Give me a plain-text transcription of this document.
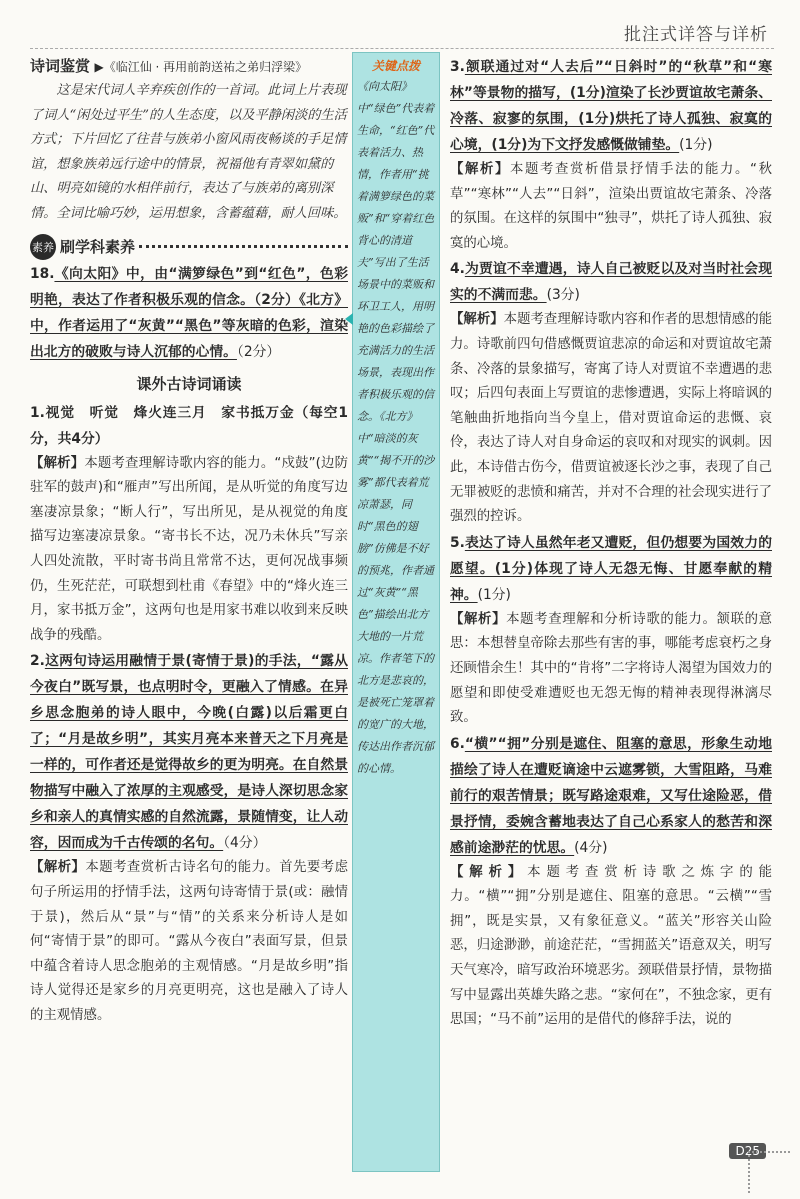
批注式详答与详析

诗词鉴赏 ▶《临江仙 · 再用前韵送祐之弟归浮梁》

这是宋代词人辛弃疾创作的一首词。此词上片表现了词人“闲处过平生”的人生态度，以及平静闲淡的生活方式；下片回忆了往昔与族弟小窗风雨夜畅谈的手足情谊，想象族弟远行途中的情景，祝福他有青翠如黛的山、明亮如镜的水相伴前行，表达了与族弟的离别深情。全词比喻巧妙，运用想象，含蓄蕴藉，耐人回味。

素养 刷学科素养

18.《向太阳》中，由“满箩绿色”到“红色”，色彩明艳，表达了作者积极乐观的信念。（2分）《北方》中，作者运用了“灰黄”“黑色”等灰暗的色彩，渲染出北方的破败与诗人沉郁的心情。（2分）

课外古诗词诵读

1.视觉　听觉　烽火连三月　家书抵万金（每空1分，共4分）

【解析】本题考查理解诗歌内容的能力。“戍鼓”(边防驻军的鼓声)和“雁声”写出所闻，是从听觉的角度写边塞凄凉景象；“断人行”，写出所见，是从视觉的角度描写边塞凄凉景象。“寄书长不达，况乃未休兵”写亲人四处流散，平时寄书尚且常常不达，更何况战事频仍，生死茫茫，可联想到杜甫《春望》中的“烽火连三月，家书抵万金”，这两句也是用家书难以收到来反映战争的残酷。

2.这两句诗运用融情于景(寄情于景)的手法，“露从今夜白”既写景，也点明时令，更融入了情感。在异乡思念胞弟的诗人眼中，今晚(白露)以后霜更白了；“月是故乡明”，其实月亮本来普天之下月亮是一样的，可作者还是觉得故乡的更为明亮。在自然景物描写中融入了浓厚的主观感受，是诗人深切思念家乡和亲人的真情实感的自然流露，景随情变，让人动容，因而成为千古传颂的名句。（4分）

【解析】本题考查赏析古诗名句的能力。首先要考虑句子所运用的抒情手法，这两句诗寄情于景(或：融情于景)，然后从“景”与“情”的关系来分析诗人是如何“寄情于景”的即可。“露从今夜白”表面写景，但景中蕴含着诗人思念胞弟的主观情感。“月是故乡明”指诗人觉得还是家乡的月亮更明亮，这也是融入了诗人的主观情感。

关键点拨

《向太阳》中“绿色”代表着生命，“红色”代表着活力、热情，作者用“挑着满箩绿色的菜贩”和“穿着红色背心的清道夫”写出了生活场景中的菜贩和环卫工人，用明艳的色彩描绘了充满活力的生活场景，表现出作者积极乐观的信念。《北方》中“暗淡的灰黄”“揭不开的沙雾”都代表着荒凉萧瑟，同时“黑色的翅膀”仿佛是不好的预兆，作者通过“灰黄”“黑色”描绘出北方大地的一片荒凉。作者笔下的北方是悲哀的，是被死亡笼罩着的宽广的大地，传达出作者沉郁的心情。

3.颔联通过对“人去后”“日斜时”的“秋草”和“寒林”等景物的描写，(1分)渲染了长沙贾谊故宅萧条、冷落、寂寥的氛围，(1分)烘托了诗人孤独、寂寞的心境，(1分)为下文抒发感慨做铺垫。(1分)

【解析】本题考查赏析借景抒情手法的能力。“秋草”“寒林”“人去”“日斜”，渲染出贾谊故宅萧条、冷落的氛围。在这样的氛围中“独寻”，烘托了诗人孤独、寂寞的心境。

4.为贾谊不幸遭遇，诗人自己被贬以及对当时社会现实的不满而悲。(3分)

【解析】本题考查理解诗歌内容和作者的思想情感的能力。诗歌前四句借感慨贾谊悲凉的命运和对贾谊故宅萧条、冷落的景象描写，寄寓了诗人对贾谊不幸遭遇的悲叹；后四句表面上写贾谊的悲惨遭遇，实际上将暗讽的笔触曲折地指向当今皇上，借对贾谊命运的悲慨、哀伶，表达了诗人对自身命运的哀叹和对现实的讽刺。因此，本诗借古伤今，借贾谊被逐长沙之事，表现了自己无罪被贬的悲愤和痛苦，并对不合理的社会现实进行了强烈的控诉。

5.表达了诗人虽然年老又遭贬，但仍想要为国效力的愿望。(1分)体现了诗人无怨无悔、甘愿奉献的精神。(1分)

【解析】本题考查理解和分析诗歌的能力。颔联的意思：本想替皇帝除去那些有害的事，哪能考虑衰朽之身还顾惜余生！其中的“肯将”二字将诗人渴望为国效力的愿望和即使受难遭贬也无怨无悔的精神表现得淋漓尽致。

6.“横”“拥”分别是遮住、阻塞的意思，形象生动地描绘了诗人在遭贬谪途中云遮雾锁，大雪阻路，马难前行的艰苦情景；既写路途艰难，又写仕途险恶，借景抒情，委婉含蓄地表达了自己心系家人的愁苦和深感前途渺茫的忧思。(4分)

【解析】本题考查赏析诗歌之炼字的能力。“横”“拥”分别是遮住、阻塞的意思。“云横”“雪拥”，既是实景，又有象征意义。“蓝关”形容关山险恶，归途渺渺，前途茫茫，“雪拥蓝关”语意双关，明写天气寒冷，暗写政治环境恶劣。颈联借景抒情，景物描写中显露出英雄失路之悲。“家何在”，不独念家，更有思国；“马不前”运用的是借代的修辞手法，说的

D25
